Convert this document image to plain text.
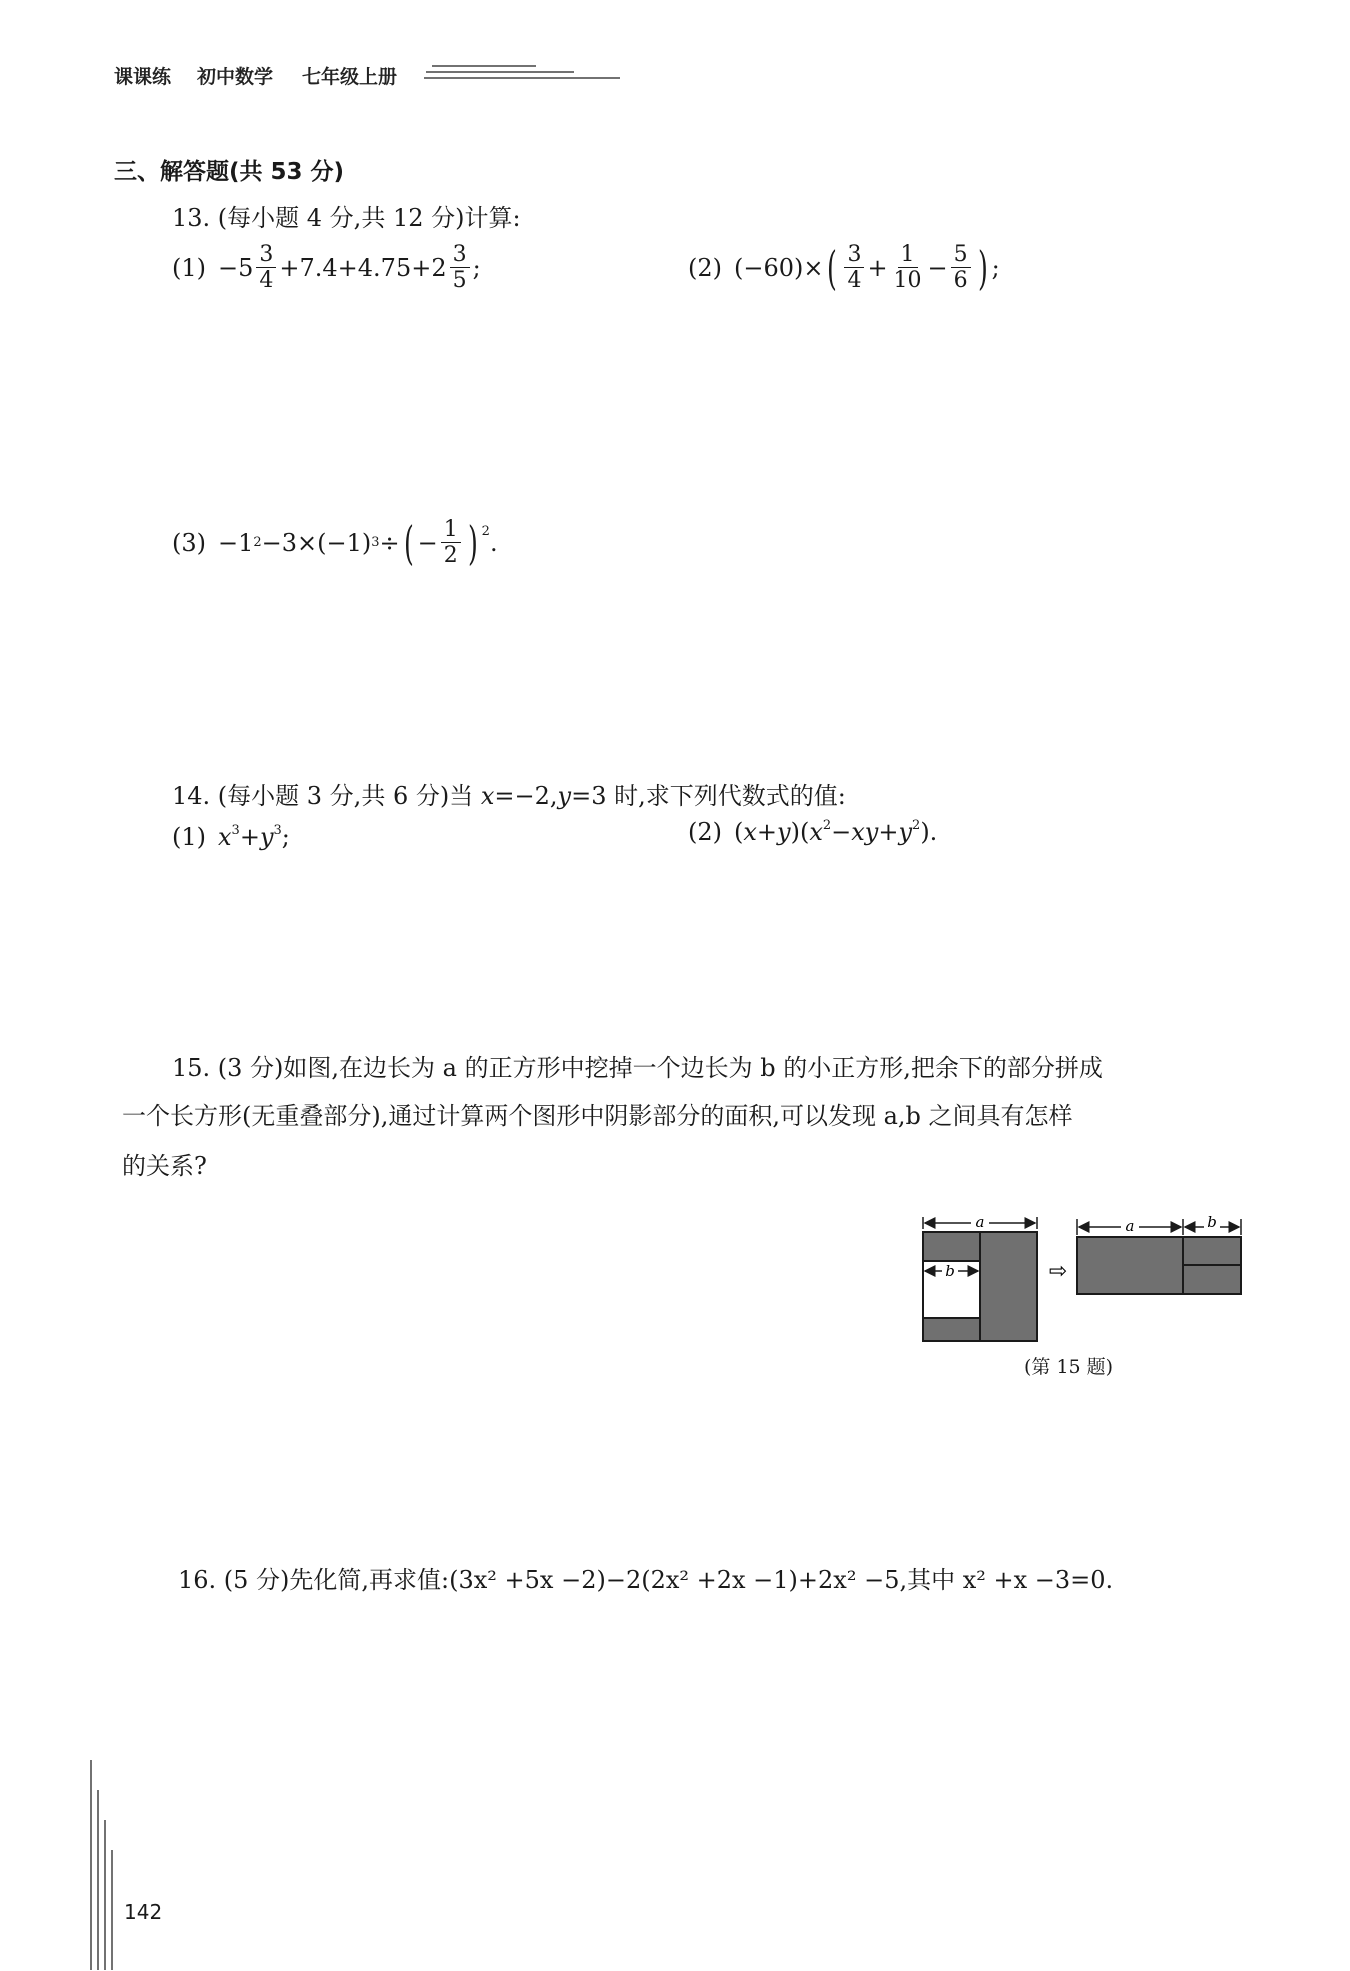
课课练 初中数学 七年级上册
三、解答题(共 53 分)
13. (每小题 4 分,共 12 分)计算:
$(1) -5 \frac{3}{4} +7.4+4.75+2 \frac{3}{5}$ ;	(2) (−60)× ( $\frac{3}{4} + \frac{1}{10} - \frac{5}{6}$ ) ;
(3) −1 2 −3×(−1) 3 ÷ ( − $\frac{1}{2}$ ) 2 .
14. (每小题 3 分,共 6 分)当 x=−2,y=3 时,求下列代数式的值:
(1) $x^3+y^3$;	(2) $(x+y)(x^2-xy+y^2)$.
15. (3 分)如图,在边长为 a 的正方形中挖掉一个边长为 b 的小正方形,把余下的部分拼成
一个长方形(无重叠部分),通过计算两个图形中阴影部分的面积,可以发现 a,b 之间具有怎样
的关系?
a
b	⇨
a	b
(第 15 题)
16. (5 分)先化简,再求值:(3x² +5x −2)−2(2x² +2x −1)+2x² −5,其中 x² +x −3=0.
142
